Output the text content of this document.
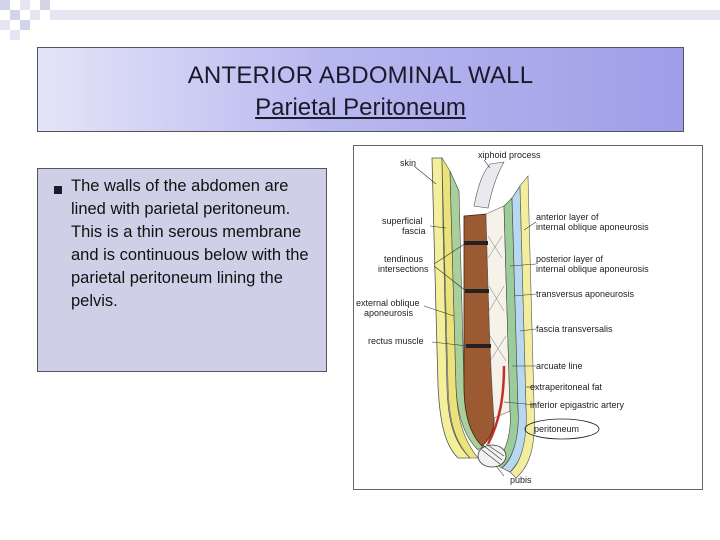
ANTERIOR ABDOMINAL WALL
Parietal Peritoneum
The walls of the abdomen are lined with parietal peritoneum. This is a thin serous membrane and is continuous below with the parietal peritoneum lining the pelvis.
skin
xiphoid process
superficial
fascia
tendinous
intersections
external oblique
aponeurosis
rectus muscle
anterior layer of
internal oblique aponeurosis
posterior layer of
internal oblique aponeurosis
transversus aponeurosis
fascia transversalis
arcuate line
extraperitoneal fat
inferior epigastric artery
peritoneum
pubis
